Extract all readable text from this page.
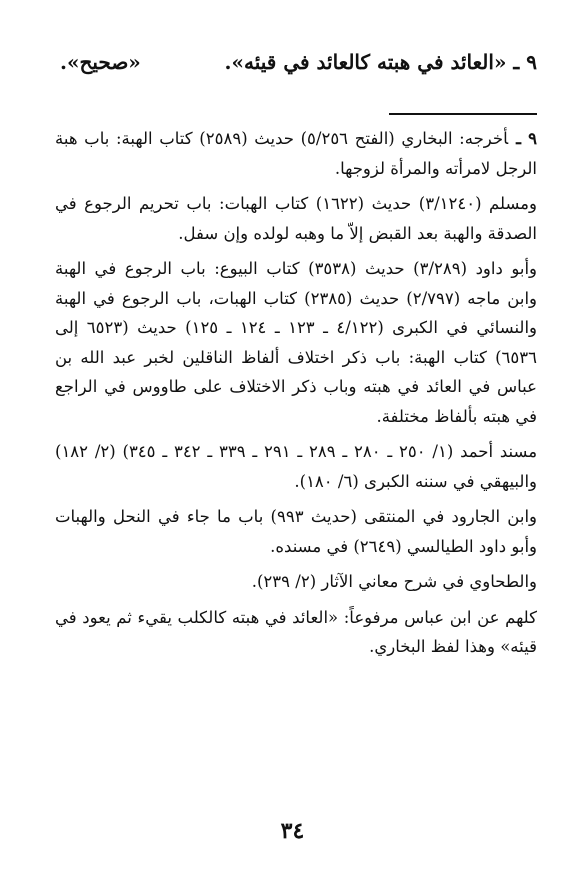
٩ ـ «العائد في هبته كالعائد في قيئه».
«صحيح».

٩ ـأخرجه: البخاري (الفتح ٥/٢٥٦) حديث (٢٥٨٩) كتاب الهبة: باب هبة الرجل لامرأته والمرأة لزوجها.

ومسلم (٣/١٢٤٠) حديث (١٦٢٢) كتاب الهبات: باب تحريم الرجوع في الصدقة والهبة بعد القبض إلاّ ما وهبه لولده وإن سفل.

وأبو داود (٣/٢٨٩) حديث (٣٥٣٨) كتاب البيوع: باب الرجوع في الهبة وابن ماجه (٢/٧٩٧) حديث (٢٣٨٥) كتاب الهبات، باب الرجوع في الهبة والنسائي في الكبرى (٤/١٢٢ ـ ١٢٣ ـ ١٢٤ ـ ١٢٥) حديث (٦٥٢٣ إلى ٦٥٣٦) كتاب الهبة: باب ذكر اختلاف ألفاظ الناقلين لخبر عبد الله بن عباس في العائد في هبته وباب ذكر الاختلاف على طاووس في الراجع في هبته بألفاظ مختلفة.

مسند أحمد (١/ ٢٥٠ ـ ٢٨٠ ـ ٢٨٩ ـ ٢٩١ ـ ٣٣٩ ـ ٣٤٢ ـ ٣٤٥) (٢/ ١٨٢) والبيهقي في سننه الكبرى (٦/ ١٨٠).

وابن الجارود في المنتقى (حديث ٩٩٣) باب ما جاء في النحل والهبات وأبو داود الطيالسي (٢٦٤٩) في مسنده.

والطحاوي في شرح معاني الآثار (٢/ ٢٣٩).

كلهم عن ابن عباس مرفوعاً: «العائد في هبته كالكلب يقيء ثم يعود في قيئه» وهذا لفظ البخاري.

٣٤
